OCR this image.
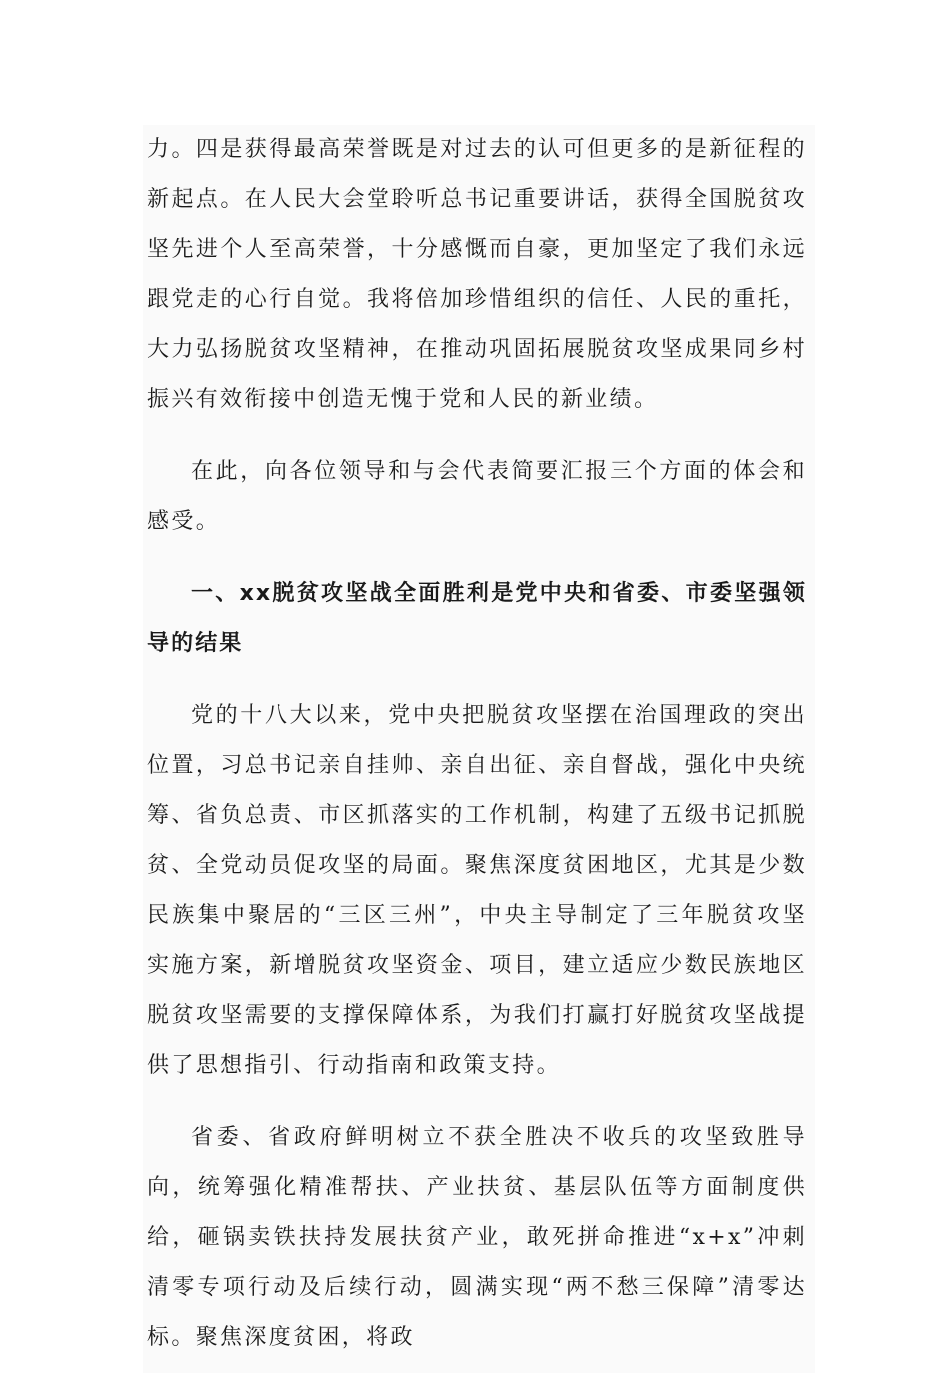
力。四是获得最高荣誉既是对过去的认可但更多的是新征程的新起点。在人民大会堂聆听总书记重要讲话，获得全国脱贫攻坚先进个人至高荣誉，十分感慨而自豪，更加坚定了我们永远跟党走的心行自觉。我将倍加珍惜组织的信任、人民的重托，大力弘扬脱贫攻坚精神，在推动巩固拓展脱贫攻坚成果同乡村振兴有效衔接中创造无愧于党和人民的新业绩。

在此，向各位领导和与会代表简要汇报三个方面的体会和感受。

一、xx脱贫攻坚战全面胜利是党中央和省委、市委坚强领导的结果

党的十八大以来，党中央把脱贫攻坚摆在治国理政的突出位置，习总书记亲自挂帅、亲自出征、亲自督战，强化中央统筹、省负总责、市区抓落实的工作机制，构建了五级书记抓脱贫、全党动员促攻坚的局面。聚焦深度贫困地区，尤其是少数民族集中聚居的“三区三州”，中央主导制定了三年脱贫攻坚实施方案，新增脱贫攻坚资金、项目，建立适应少数民族地区脱贫攻坚需要的支撑保障体系，为我们打赢打好脱贫攻坚战提供了思想指引、行动指南和政策支持。

省委、省政府鲜明树立不获全胜决不收兵的攻坚致胜导向，统筹强化精准帮扶、产业扶贫、基层队伍等方面制度供给，砸锅卖铁扶持发展扶贫产业，敢死拼命推进“x+x”冲刺清零专项行动及后续行动，圆满实现“两不愁三保障”清零达标。聚焦深度贫困，将政
